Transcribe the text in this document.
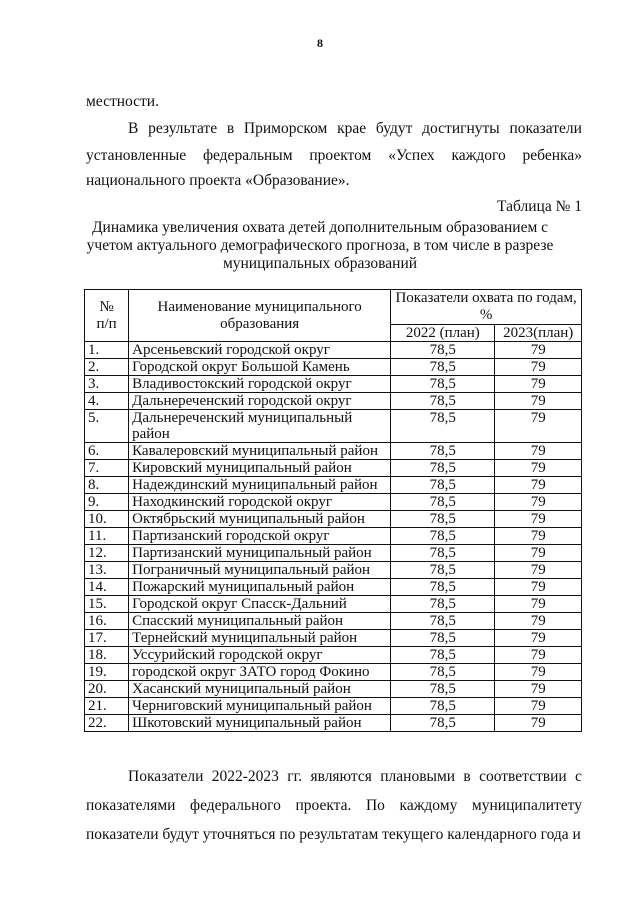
8
местности.
В результате в Приморском крае будут достигнуты показатели
установленные федеральным проектом «Успех каждого ребенка»
национального проекта «Образование».
Таблица № 1
Динамика увеличения охвата детей дополнительным образованием с
учетом актуального демографического прогноза, в том числе в разрезе
муниципальных образований
№
п/п	Наименование муниципального образования	Показатели охвата по годам, %	
		2022 (план)	2023(план)
1.	Арсеньевский городской округ	78,5	79
2.	Городской округ Большой Камень	78,5	79
3.	Владивостокский городской округ	78,5	79
4.	Дальнереченский городской округ	78,5	79
5.	Дальнереченский муниципальный район	78,5	79
6.	Кавалеровский муниципальный район	78,5	79
7.	Кировский муниципальный район	78,5	79
8.	Надеждинский муниципальный район	78,5	79
9.	Находкинский городской округ	78,5	79
10.	Октябрьский муниципальный район	78,5	79
11.	Партизанский городской округ	78,5	79
12.	Партизанский муниципальный район	78,5	79
13.	Пограничный муниципальный район	78,5	79
14.	Пожарский муниципальный район	78,5	79
15.	Городской округ Спасск-Дальний	78,5	79
16.	Спасский муниципальный район	78,5	79
17.	Тернейский муниципальный район	78,5	79
18.	Уссурийский городской округ	78,5	79
19.	городской округ ЗАТО город Фокино	78,5	79
20.	Хасанский муниципальный район	78,5	79
21.	Черниговский муниципальный район	78,5	79
22.	Шкотовский муниципальный район	78,5	79
Показатели 2022-2023 гг. являются плановыми в соответствии с
показателями федерального проекта. По каждому муниципалитету
показатели будут уточняться по результатам текущего календарного года и
